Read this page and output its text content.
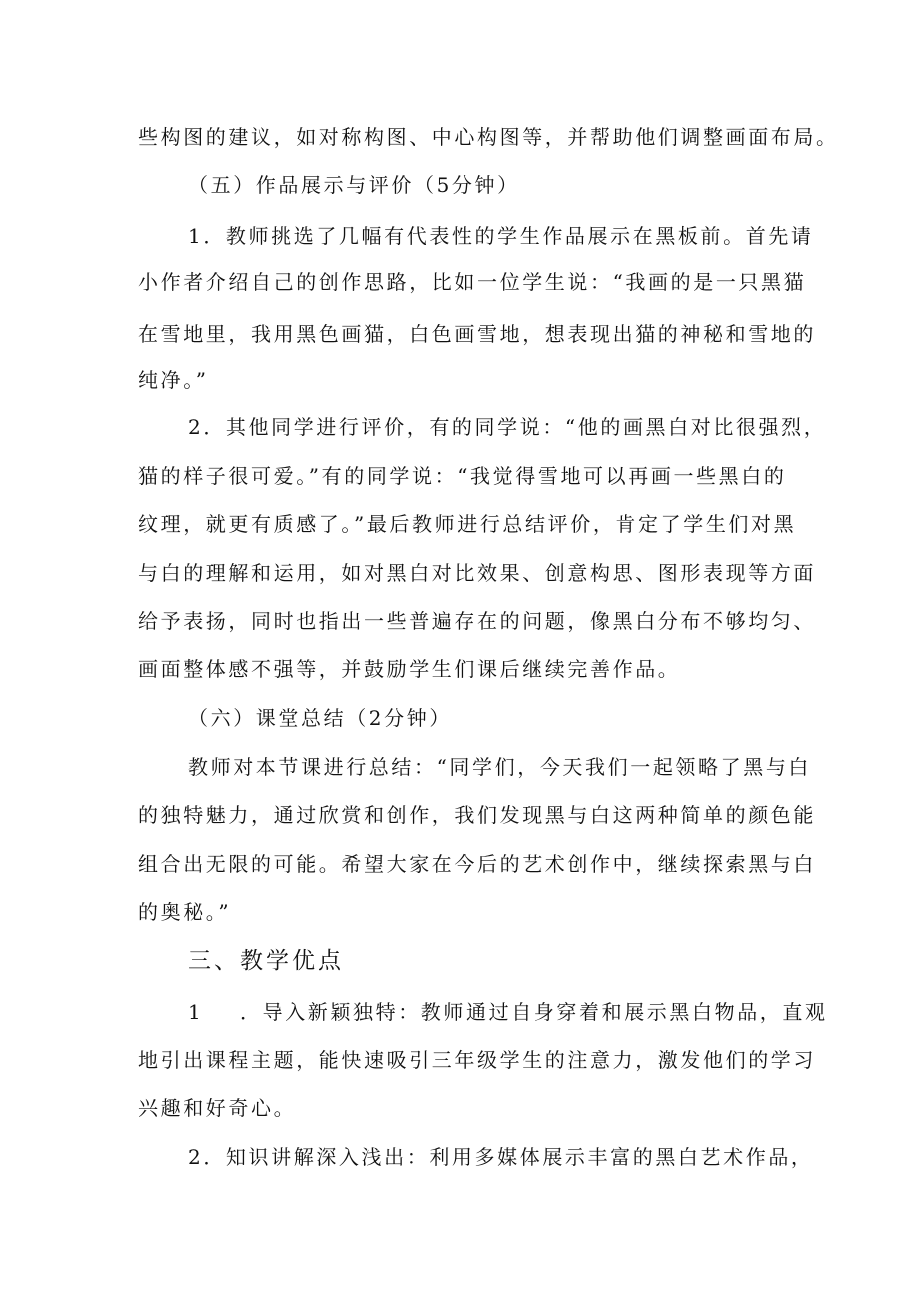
些构图的建议，如对称构图、中心构图等，并帮助他们调整画面布局。
（五）作品展示与评价（5分钟）
1．教师挑选了几幅有代表性的学生作品展示在黑板前。首先请
小作者介绍自己的创作思路，比如一位学生说：“我画的是一只黑猫
在雪地里，我用黑色画猫，白色画雪地，想表现出猫的神秘和雪地的
纯净。”
2．其他同学进行评价，有的同学说：“他的画黑白对比很强烈，
猫的样子很可爱。”有的同学说：“我觉得雪地可以再画一些黑白的
纹理，就更有质感了。”最后教师进行总结评价，肯定了学生们对黑
与白的理解和运用，如对黑白对比效果、创意构思、图形表现等方面
给予表扬，同时也指出一些普遍存在的问题，像黑白分布不够均匀、
画面整体感不强等，并鼓励学生们课后继续完善作品。
（六）课堂总结（2分钟）
教师对本节课进行总结：“同学们，今天我们一起领略了黑与白
的独特魅力，通过欣赏和创作，我们发现黑与白这两种简单的颜色能
组合出无限的可能。希望大家在今后的艺术创作中，继续探索黑与白
的奥秘。”
三、教学优点
1	．导入新颖独特：教师通过自身穿着和展示黑白物品，直观
地引出课程主题，能快速吸引三年级学生的注意力，激发他们的学习
兴趣和好奇心。
2．知识讲解深入浅出：利用多媒体展示丰富的黑白艺术作品，
